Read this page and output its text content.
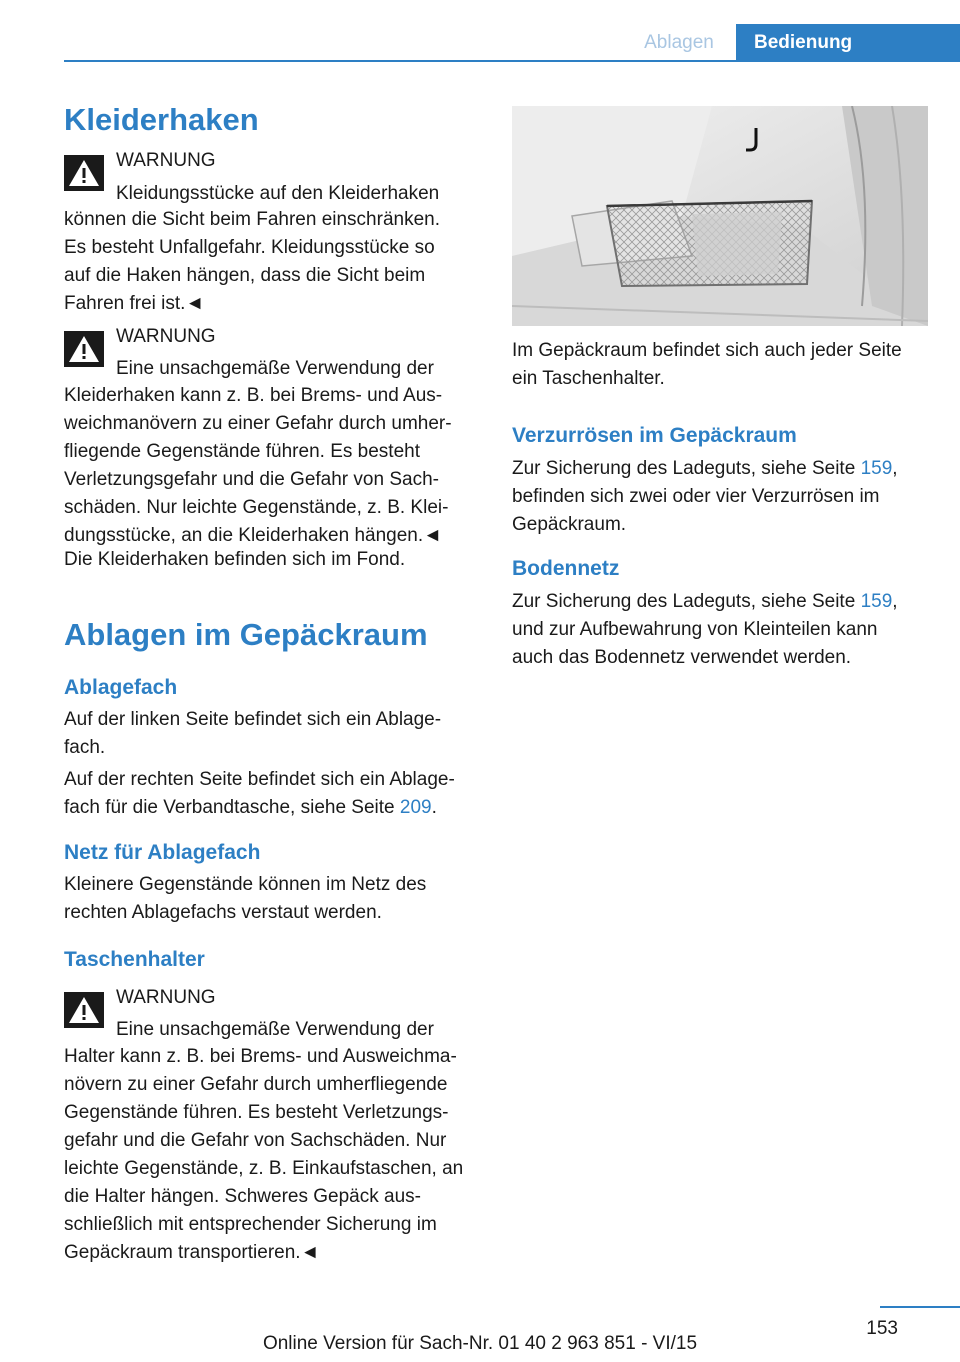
Ablagen	Bedienung
Kleiderhaken
WARNUNG
Kleidungsstücke auf den Kleiderhaken
können die Sicht beim Fahren einschränken.
Es besteht Unfallgefahr. Kleidungsstücke so
auf die Haken hängen, dass die Sicht beim
Fahren frei ist.◄
WARNUNG
Eine unsachgemäße Verwendung der
Kleiderhaken kann z. B. bei Brems- und Aus-
weichmanövern zu einer Gefahr durch umher-
fliegende Gegenstände führen. Es besteht
Verletzungsgefahr und die Gefahr von Sach-
schäden. Nur leichte Gegenstände, z. B. Klei-
dungsstücke, an die Kleiderhaken hängen.◄
Die Kleiderhaken befinden sich im Fond.
Ablagen im Gepäckraum
Ablagefach
Auf der linken Seite befindet sich ein Ablage-
fach.
Auf der rechten Seite befindet sich ein Ablage-
fach für die Verbandtasche, siehe Seite 209.
Netz für Ablagefach
Kleinere Gegenstände können im Netz des
rechten Ablagefachs verstaut werden.
Taschenhalter
WARNUNG
Eine unsachgemäße Verwendung der
Halter kann z. B. bei Brems- und Ausweichma-
növern zu einer Gefahr durch umherfliegende
Gegenstände führen. Es besteht Verletzungs-
gefahr und die Gefahr von Sachschäden. Nur
leichte Gegenstände, z. B. Einkaufstaschen, an
die Halter hängen. Schweres Gepäck aus-
schließlich mit entsprechender Sicherung im
Gepäckraum transportieren.◄
Im Gepäckraum befindet sich auch jeder Seite
ein Taschenhalter.
Verzurrösen im Gepäckraum
Zur Sicherung des Ladeguts, siehe Seite 159,
befinden sich zwei oder vier Verzurrösen im
Gepäckraum.
Bodennetz
Zur Sicherung des Ladeguts, siehe Seite 159,
und zur Aufbewahrung von Kleinteilen kann
auch das Bodennetz verwendet werden.
153
Online Version für Sach-Nr. 01 40 2 963 851 - VI/15
